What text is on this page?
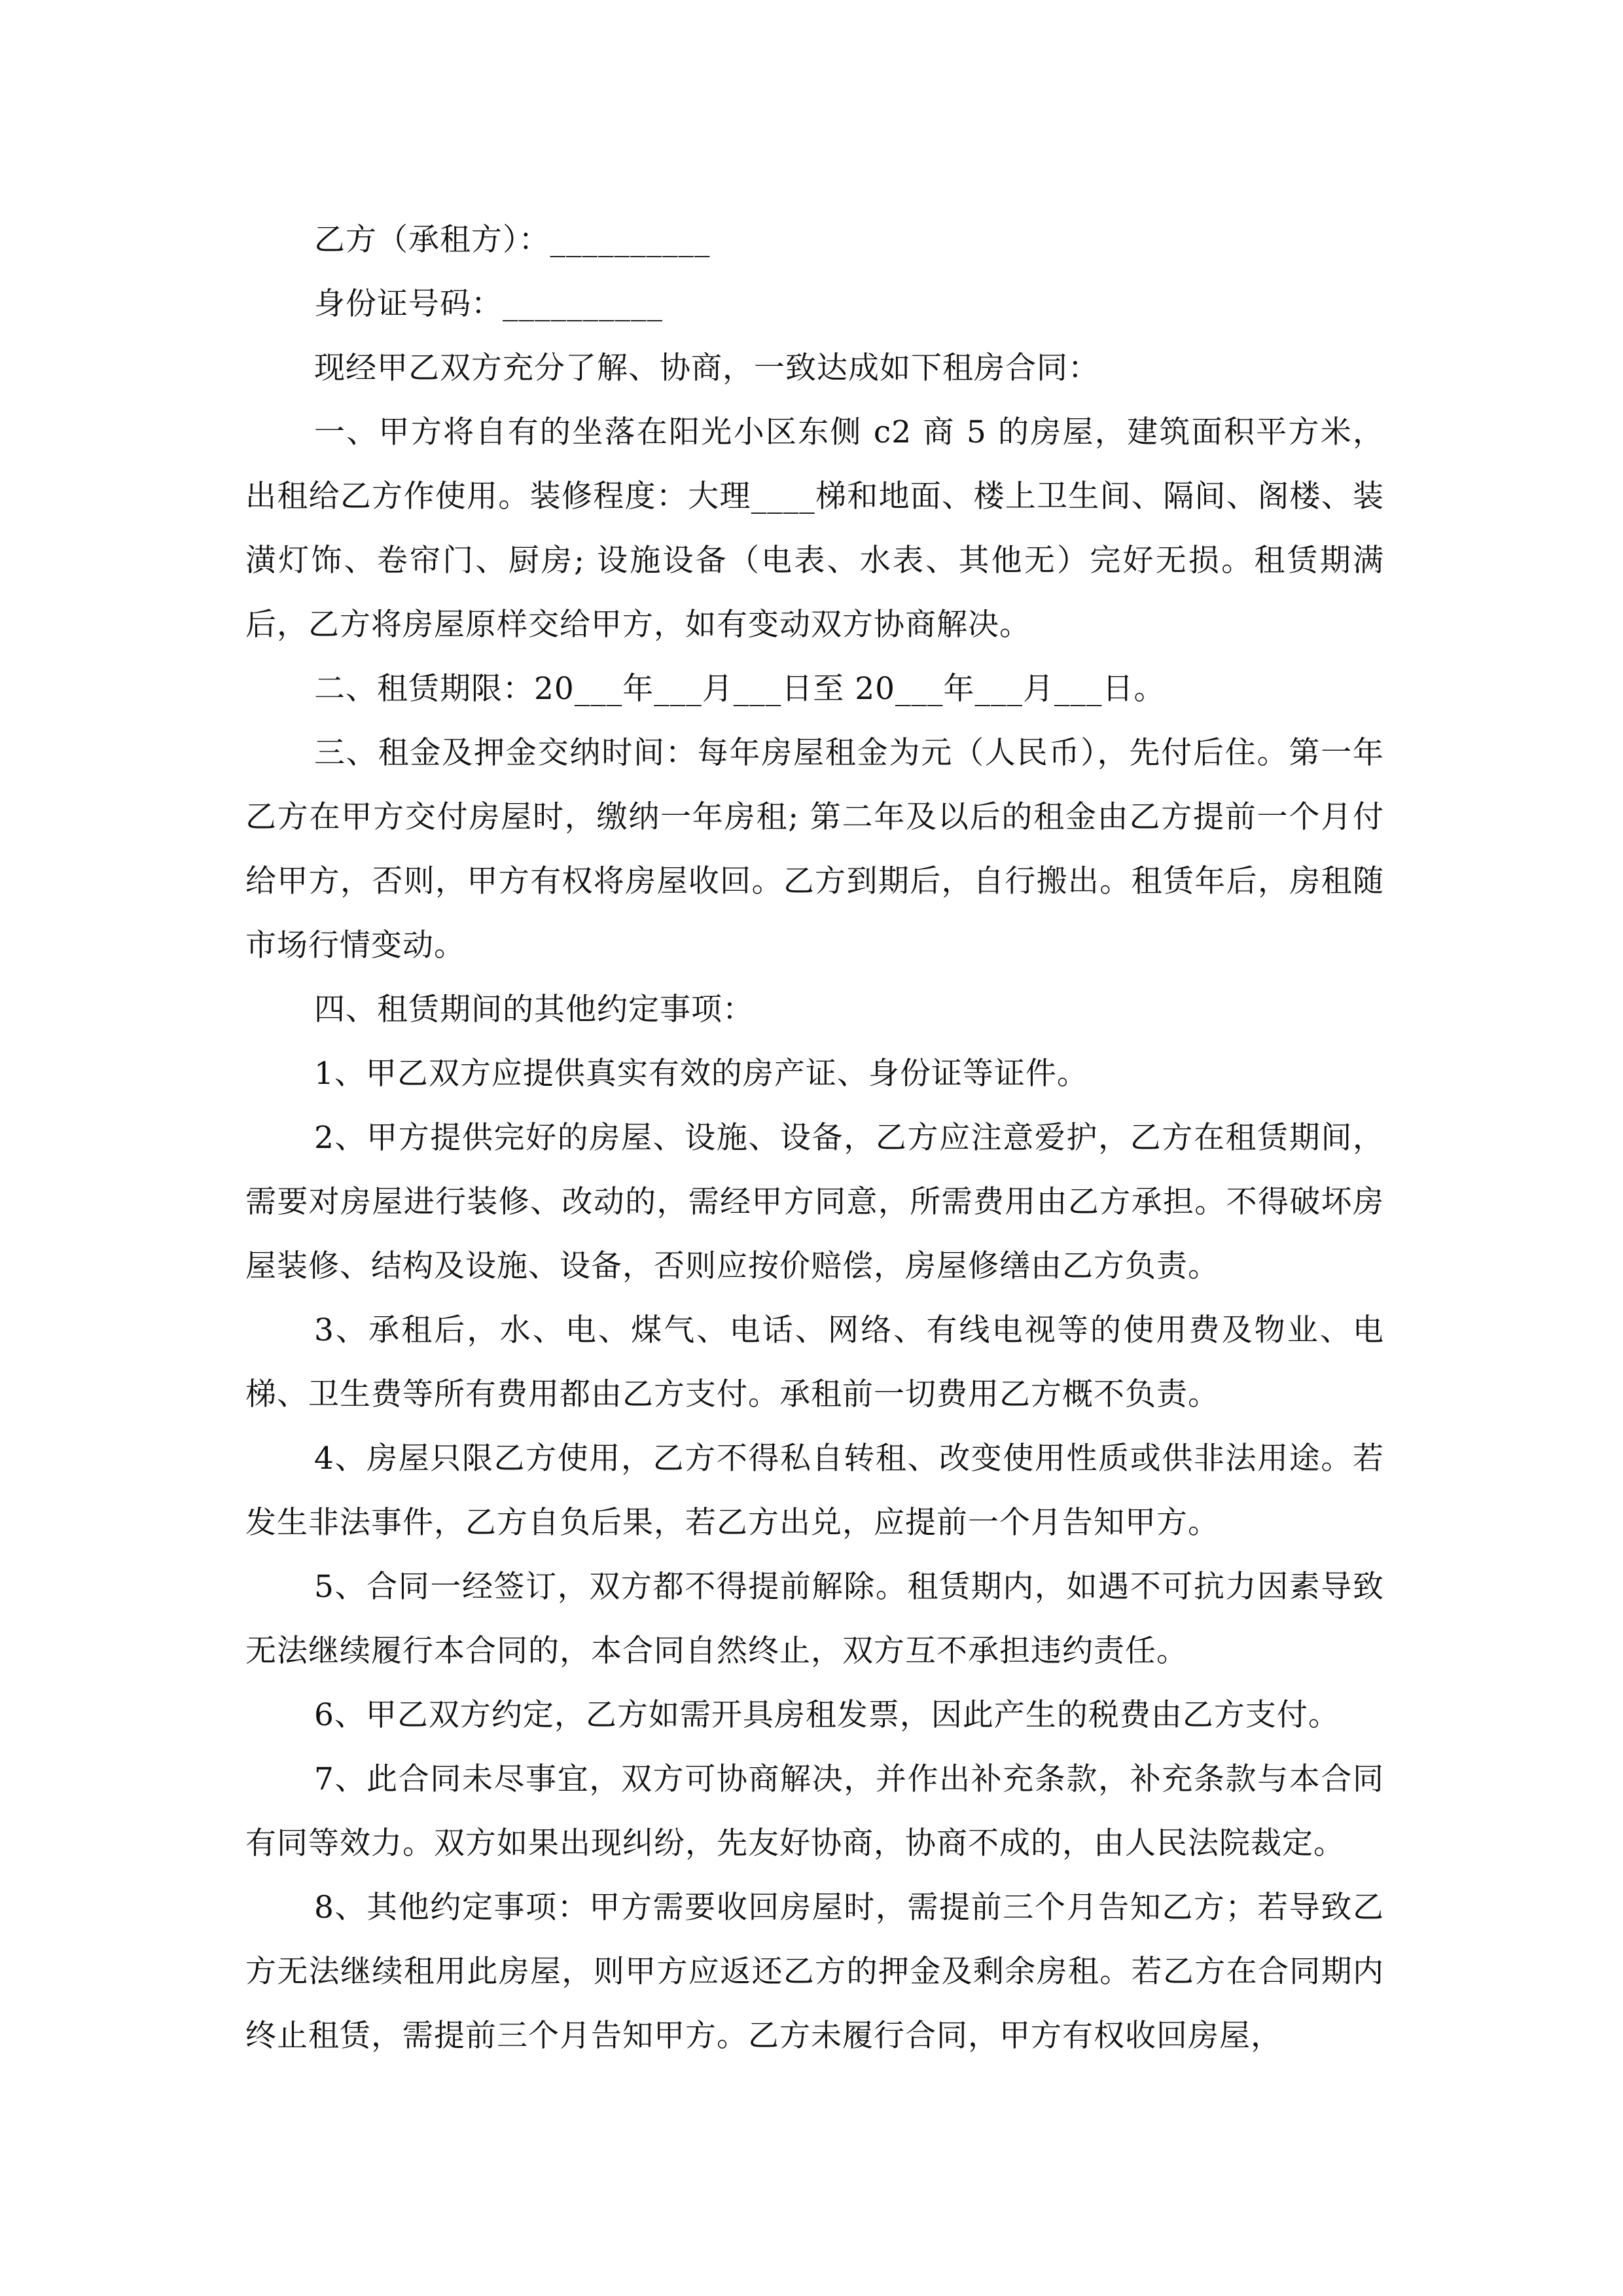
乙方（承租方）：__________

身份证号码：__________

现经甲乙双方充分了解、协商，一致达成如下租房合同：

一、甲方将自有的坐落在阳光小区东侧 c2 商 5 的房屋，建筑面积平方米，出租给乙方作使用。装修程度：大理____梯和地面、楼上卫生间、隔间、阁楼、装潢灯饰、卷帘门、厨房; 设施设备（电表、水表、其他无）完好无损。租赁期满后，乙方将房屋原样交给甲方，如有变动双方协商解决。

二、租赁期限：20___年___月___日至 20___年___月___日。

三、租金及押金交纳时间：每年房屋租金为元（人民币），先付后住。第一年乙方在甲方交付房屋时，缴纳一年房租; 第二年及以后的租金由乙方提前一个月付给甲方，否则，甲方有权将房屋收回。乙方到期后，自行搬出。租赁年后，房租随市场行情变动。

四、租赁期间的其他约定事项：

1、甲乙双方应提供真实有效的房产证、身份证等证件。

2、甲方提供完好的房屋、设施、设备，乙方应注意爱护，乙方在租赁期间，需要对房屋进行装修、改动的，需经甲方同意，所需费用由乙方承担。不得破坏房屋装修、结构及设施、设备，否则应按价赔偿，房屋修缮由乙方负责。

3、承租后，水、电、煤气、电话、网络、有线电视等的使用费及物业、电梯、卫生费等所有费用都由乙方支付。承租前一切费用乙方概不负责。

4、房屋只限乙方使用，乙方不得私自转租、改变使用性质或供非法用途。若发生非法事件，乙方自负后果，若乙方出兑，应提前一个月告知甲方。

5、合同一经签订，双方都不得提前解除。租赁期内，如遇不可抗力因素导致无法继续履行本合同的，本合同自然终止，双方互不承担违约责任。

6、甲乙双方约定，乙方如需开具房租发票，因此产生的税费由乙方支付。

7、此合同未尽事宜，双方可协商解决，并作出补充条款，补充条款与本合同有同等效力。双方如果出现纠纷，先友好协商，协商不成的，由人民法院裁定。

8、其他约定事项：甲方需要收回房屋时，需提前三个月告知乙方；若导致乙方无法继续租用此房屋，则甲方应返还乙方的押金及剩余房租。若乙方在合同期内终止租赁，需提前三个月告知甲方。乙方未履行合同，甲方有权收回房屋，
